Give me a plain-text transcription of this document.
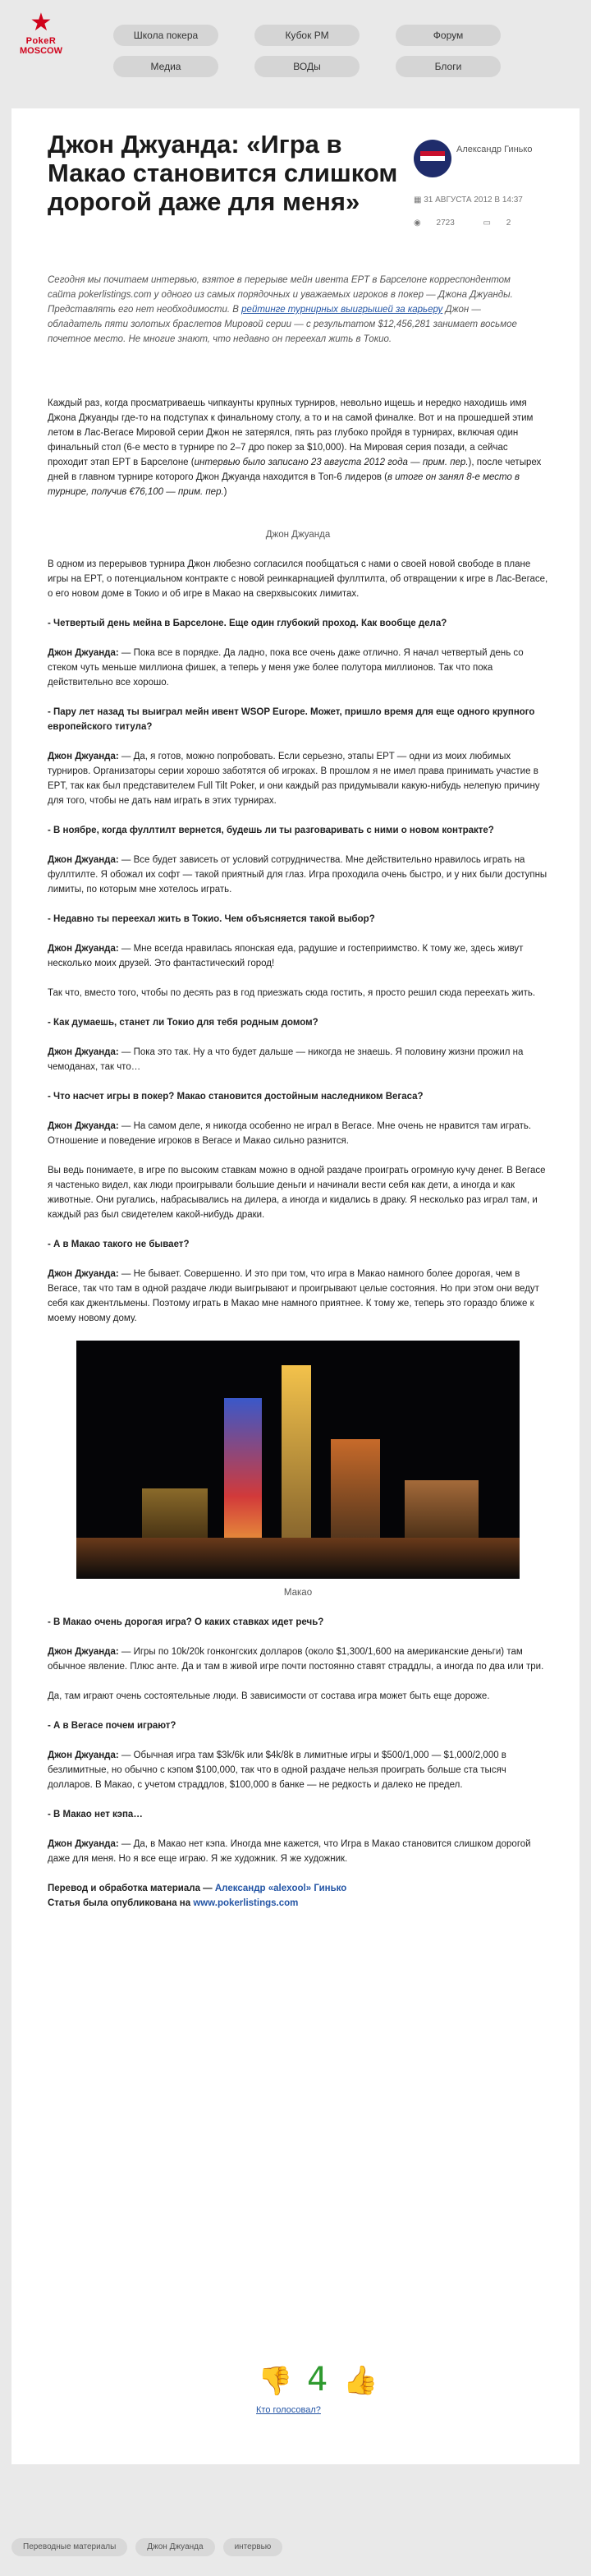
★
PokeR
MOSCOW
Школа покера	Кубок РМ	Форум
Медиа	ВОДы	Блоги
Джон Джуанда: «Игра в Макао становится слишком дорогой даже для меня»
Александр Гинько
▦ 31 АВГУСТА 2012 В 14:37
◉ 2723	▭ 2
Сегодня мы почитаем интервью, взятое в перерыве мейн ивента EPT в Барселоне корреспондентом сайта pokerlistings.com у одного из самых порядочных и уважаемых игроков в покер — Джона Джуанды. Представлять его нет необходимости. В рейтинге турнирных выигрышей за карьеру Джон — обладатель пяти золотых браслетов Мировой серии — с результатом $12,456,281 занимает восьмое почетное место. Не многие знают, что недавно он переехал жить в Токио.

Каждый раз, когда просматриваешь чипкаунты крупных турниров, невольно ищешь и нередко находишь имя Джона Джуанды где-то на подступах к финальному столу, а то и на самой финалке. Вот и на прошедшей этим летом в Лас-Вегасе Мировой серии Джон не затерялся, пять раз глубоко пройдя в турнирах, включая один финальный стол (6-е место в турнире по 2–7 дро покер за $10,000). На Мировая серия позади, а сейчас проходит этап EPT в Барселоне (интервью было записано 23 августа 2012 года — прим. пер.), после четырех дней в главном турнире которого Джон Джуанда находится в Топ-6 лидеров (в итоге он занял 8-е место в турнире, получив €76,100 — прим. пер.)

Джон Джуанда

В одном из перерывов турнира Джон любезно согласился пообщаться с нами о своей новой свободе в плане игры на EPT, о потенциальном контракте с новой реинкарнацией фуллтилта, об отвращении к игре в Лас-Вегасе, о его новом доме в Токио и об игре в Макао на сверхвысоких лимитах.

- Четвертый день мейна в Барселоне. Еще один глубокий проход. Как вообще дела?

Джон Джуанда: — Пока все в порядке. Да ладно, пока все очень даже отлично. Я начал четвертый день со стеком чуть меньше миллиона фишек, а теперь у меня уже более полутора миллионов. Так что пока действительно все хорошо.

- Пару лет назад ты выиграл мейн ивент WSOP Europe. Может, пришло время для еще одного крупного европейского титула?

Джон Джуанда: — Да, я готов, можно попробовать. Если серьезно, этапы EPT — одни из моих любимых турниров. Организаторы серии хорошо заботятся об игроках. В прошлом я не имел права принимать участие в EPT, так как был представителем Full Tilt Poker, и они каждый раз придумывали какую-нибудь нелепую причину для того, чтобы не дать нам играть в этих турнирах.

- В ноябре, когда фуллтилт вернется, будешь ли ты разговаривать с ними о новом контракте?

Джон Джуанда: — Все будет зависеть от условий сотрудничества. Мне действительно нравилось играть на фуллтилте. Я обожал их софт — такой приятный для глаз. Игра проходила очень быстро, и у них были доступны лимиты, по которым мне хотелось играть.

- Недавно ты переехал жить в Токио. Чем объясняется такой выбор?

Джон Джуанда: — Мне всегда нравилась японская еда, радушие и гостеприимство. К тому же, здесь живут несколько моих друзей. Это фантастический город!

Так что, вместо того, чтобы по десять раз в год приезжать сюда гостить, я просто решил сюда переехать жить.

- Как думаешь, станет ли Токио для тебя родным домом?

Джон Джуанда: — Пока это так. Ну а что будет дальше — никогда не знаешь. Я половину жизни прожил на чемоданах, так что…

- Что насчет игры в покер? Макао становится достойным наследником Вегаса?

Джон Джуанда: — На самом деле, я никогда особенно не играл в Вегасе. Мне очень не нравится там играть. Отношение и поведение игроков в Вегасе и Макао сильно разнится.

Вы ведь понимаете, в игре по высоким ставкам можно в одной раздаче проиграть огромную кучу денег. В Вегасе я частенько видел, как люди проигрывали большие деньги и начинали вести себя как дети, а иногда и как животные. Они ругались, набрасывались на дилера, а иногда и кидались в драку. Я несколько раз играл там, и каждый раз был свидетелем какой-нибудь драки.

- А в Макао такого не бывает?

Джон Джуанда: — Не бывает. Совершенно. И это при том, что игра в Макао намного более дорогая, чем в Вегасе, так что там в одной раздаче люди выигрывают и проигрывают целые состояния. Но при этом они ведут себя как джентльмены. Поэтому играть в Макао мне намного приятнее. К тому же, теперь это гораздо ближе к моему новому дому.

Макао

- В Макао очень дорогая игра? О каких ставках идет речь?

Джон Джуанда: — Игры по 10k/20k гонконгских долларов (около $1,300/1,600 на американские деньги) там обычное явление. Плюс анте. Да и там в живой игре почти постоянно ставят страддлы, а иногда по два или три.

Да, там играют очень состоятельные люди. В зависимости от состава игра может быть еще дороже.

- А в Вегасе почем играют?

Джон Джуанда: — Обычная игра там $3k/6k или $4k/8k в лимитные игры и $500/1,000 — $1,000/2,000 в безлимитные, но обычно с кэпом $100,000, так что в одной раздаче нельзя проиграть больше ста тысяч долларов. В Макао, с учетом страддлов, $100,000 в банке — не редкость и далеко не предел.

- В Макао нет кэпа…

Джон Джуанда: — Да, в Макао нет кэпа. Иногда мне кажется, что Игра в Макао становится слишком дорогой даже для меня. Но я все еще играю. Я же художник. Я же художник.

Перевод и обработка материала — Александр «alexool» Гинько
Статья была опубликована на www.pokerlistings.com

👍 4 👍
Кто голосовал?
Переводные материалы	Джон Джуанда	интервью
